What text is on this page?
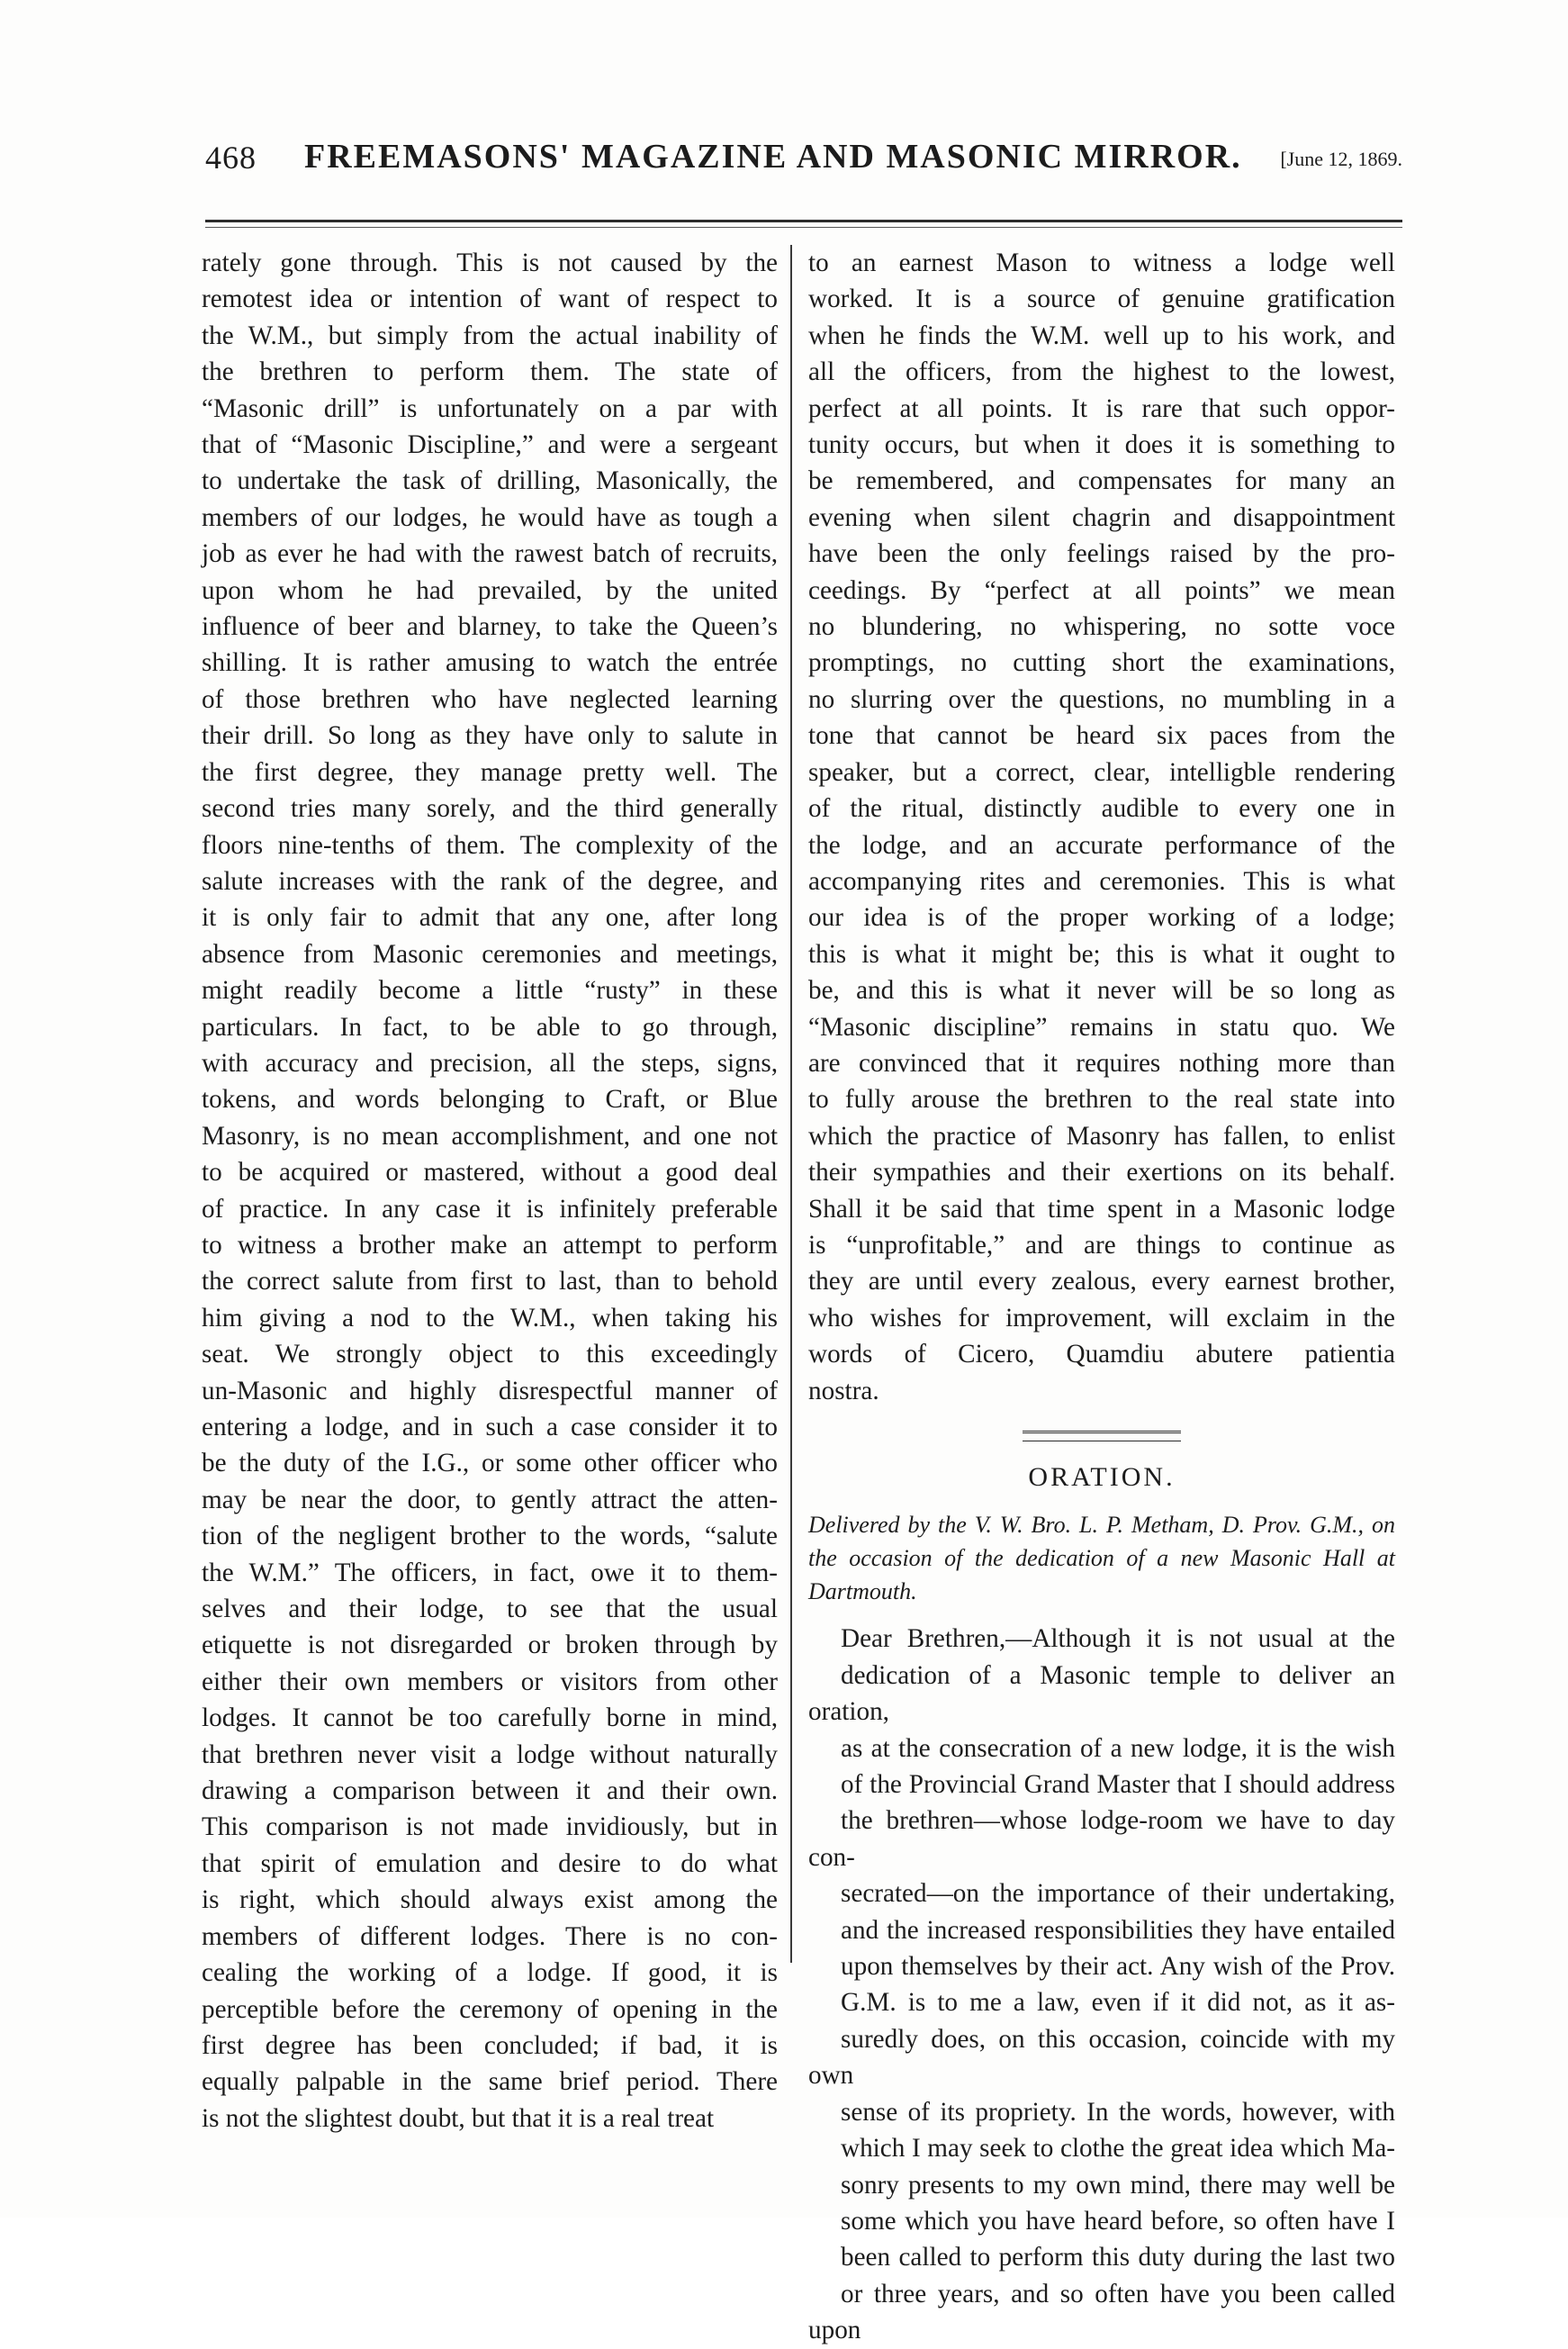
468 FREEMASONS' MAGAZINE AND MASONIC MIRROR. [June 12, 1869.
rately gone through. This is not caused by the
remotest idea or intention of want of respect to
the W.M., but simply from the actual inability of
the brethren to perform them. The state of
“Masonic drill” is unfortunately on a par with
that of “Masonic Discipline,” and were a sergeant
to undertake the task of drilling, Masonically, the
members of our lodges, he would have as tough a
job as ever he had with the rawest batch of recruits,
upon whom he had prevailed, by the united
influence of beer and blarney, to take the Queen’s
shilling. It is rather amusing to watch the entrée
of those brethren who have neglected learning
their drill. So long as they have only to salute in
the first degree, they manage pretty well. The
second tries many sorely, and the third generally
floors nine-tenths of them. The complexity of the
salute increases with the rank of the degree, and
it is only fair to admit that any one, after long
absence from Masonic ceremonies and meetings,
might readily become a little “rusty” in these
particulars. In fact, to be able to go through,
with accuracy and precision, all the steps, signs,
tokens, and words belonging to Craft, or Blue
Masonry, is no mean accomplishment, and one not
to be acquired or mastered, without a good deal
of practice. In any case it is infinitely preferable
to witness a brother make an attempt to perform
the correct salute from first to last, than to behold
him giving a nod to the W.M., when taking his
seat. We strongly object to this exceedingly
un-Masonic and highly disrespectful manner of
entering a lodge, and in such a case consider it to
be the duty of the I.G., or some other officer who
may be near the door, to gently attract the atten-
tion of the negligent brother to the words, “salute
the W.M.” The officers, in fact, owe it to them-
selves and their lodge, to see that the usual
etiquette is not disregarded or broken through by
either their own members or visitors from other
lodges. It cannot be too carefully borne in mind,
that brethren never visit a lodge without naturally
drawing a comparison between it and their own.
This comparison is not made invidiously, but in
that spirit of emulation and desire to do what
is right, which should always exist among the
members of different lodges. There is no con-
cealing the working of a lodge. If good, it is
perceptible before the ceremony of opening in the
first degree has been concluded; if bad, it is
equally palpable in the same brief period. There
is not the slightest doubt, but that it is a real treat
to an earnest Mason to witness a lodge well
worked. It is a source of genuine gratification
when he finds the W.M. well up to his work, and
all the officers, from the highest to the lowest,
perfect at all points. It is rare that such oppor-
tunity occurs, but when it does it is something to
be remembered, and compensates for many an
evening when silent chagrin and disappointment
have been the only feelings raised by the pro-
ceedings. By “perfect at all points” we mean
no blundering, no whispering, no sotte voce
promptings, no cutting short the examinations,
no slurring over the questions, no mumbling in a
tone that cannot be heard six paces from the
speaker, but a correct, clear, intelligble rendering
of the ritual, distinctly audible to every one in
the lodge, and an accurate performance of the
accompanying rites and ceremonies. This is what
our idea is of the proper working of a lodge;
this is what it might be; this is what it ought to
be, and this is what it never will be so long as
“Masonic discipline” remains in statu quo. We
are convinced that it requires nothing more than
to fully arouse the brethren to the real state into
which the practice of Masonry has fallen, to enlist
their sympathies and their exertions on its behalf.
Shall it be said that time spent in a Masonic lodge
is “unprofitable,” and are things to continue as
they are until every zealous, every earnest brother,
who wishes for improvement, will exclaim in the
words of Cicero, Quamdiu abutere patientia
nostra.
ORATION.
Delivered by the V. W. Bro. L. P. Metham, D. Prov. G.M., on the occasion of the dedication of a new Masonic Hall at Dartmouth.
Dear Brethren,—Although it is not usual at the
dedication of a Masonic temple to deliver an oration,
as at the consecration of a new lodge, it is the wish
of the Provincial Grand Master that I should address
the brethren—whose lodge-room we have to day con-
secrated—on the importance of their undertaking,
and the increased responsibilities they have entailed
upon themselves by their act. Any wish of the Prov.
G.M. is to me a law, even if it did not, as it as-
suredly does, on this occasion, coincide with my own
sense of its propriety. In the words, however, with
which I may seek to clothe the great idea which Ma-
sonry presents to my own mind, there may well be
some which you have heard before, so often have I
been called to perform this duty during the last two
or three years, and so often have you been called upon
